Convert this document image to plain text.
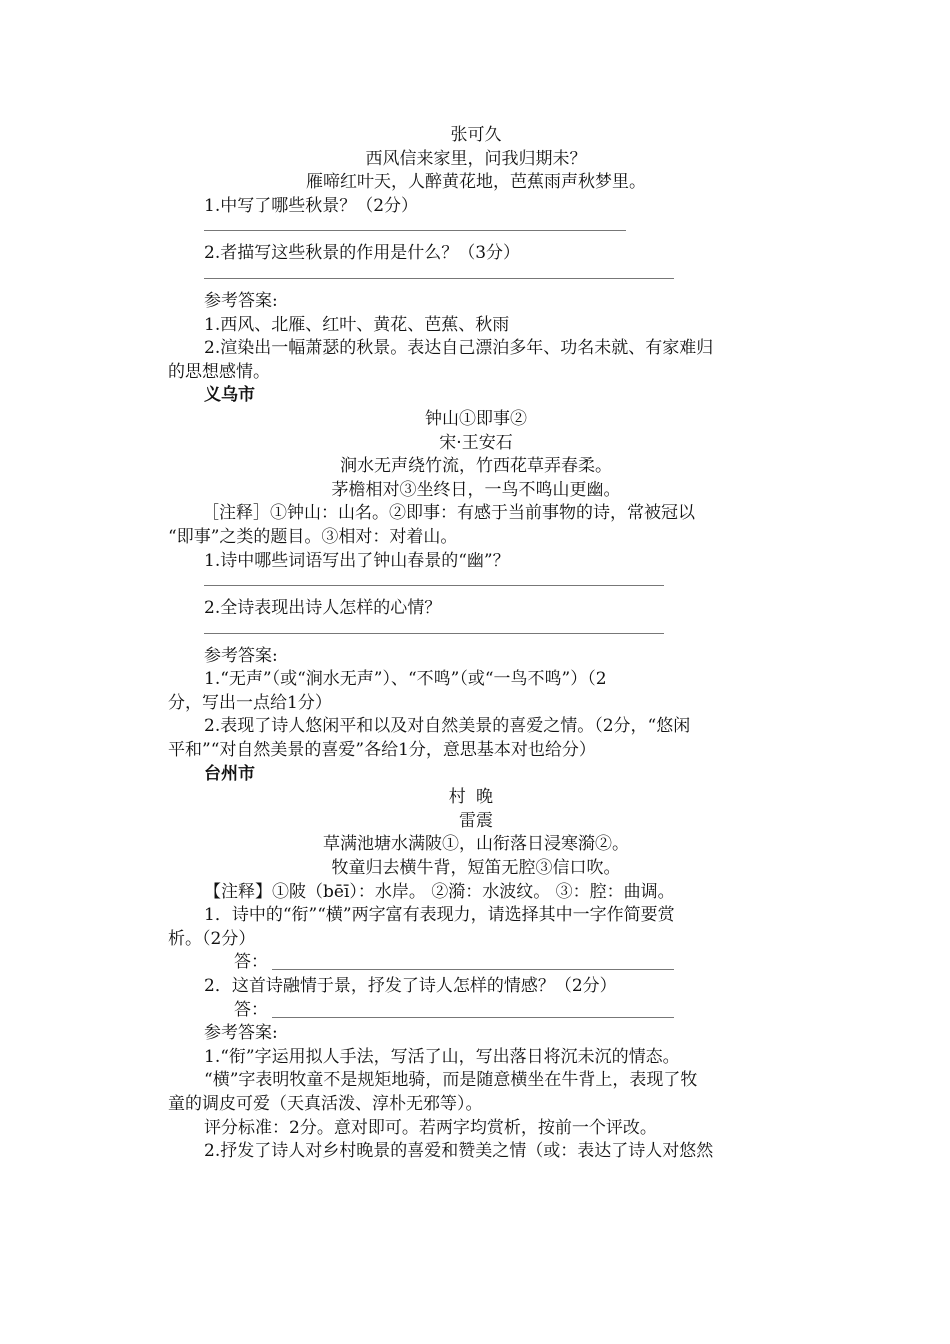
张可久
西风信来家里，问我归期未？
雁啼红叶天，人醉黄花地，芭蕉雨声秋梦里。
1.中写了哪些秋景？（2分）
2.者描写这些秋景的作用是什么？（3分）
参考答案:
1.西风、北雁、红叶、黄花、芭蕉、秋雨
2.渲染出一幅萧瑟的秋景。表达自己漂泊多年、功名未就、有家难归
的思想感情。
义乌市
钟山①即事②
宋·王安石
涧水无声绕竹流，竹西花草弄春柔。
茅檐相对③坐终日，一鸟不鸣山更幽。
［注释］①钟山：山名。②即事：有感于当前事物的诗，常被冠以
“即事”之类的题目。③相对：对着山。
1.诗中哪些词语写出了钟山春景的“幽”？
2.全诗表现出诗人怎样的心情？
参考答案:
1.“无声”（或“涧水无声”）、“不鸣”（或“一鸟不鸣”）（2
分，写出一点给1分）
2.表现了诗人悠闲平和以及对自然美景的喜爱之情。（2分，“悠闲
平和”“对自然美景的喜爱”各给1分，意思基本对也给分）
台州市
村晚
雷震
草满池塘水满陂①，山衔落日浸寒漪②。
牧童归去横牛背，短笛无腔③信口吹。
【注释】①陂（bēī）：水岸。 ②漪：水波纹。 ③：腔：曲调。
1．诗中的“衔”“横”两字富有表现力，请选择其中一字作简要赏
析。（2分）
答：
2．这首诗融情于景，抒发了诗人怎样的情感？（2分）
答：
参考答案:
1.“衔”字运用拟人手法，写活了山，写出落日将沉未沉的情态。
“横”字表明牧童不是规矩地骑，而是随意横坐在牛背上，表现了牧
童的调皮可爱（天真活泼、淳朴无邪等）。
评分标准：2分。意对即可。若两字均赏析，按前一个评改。
2.抒发了诗人对乡村晚景的喜爱和赞美之情（或：表达了诗人对悠然
